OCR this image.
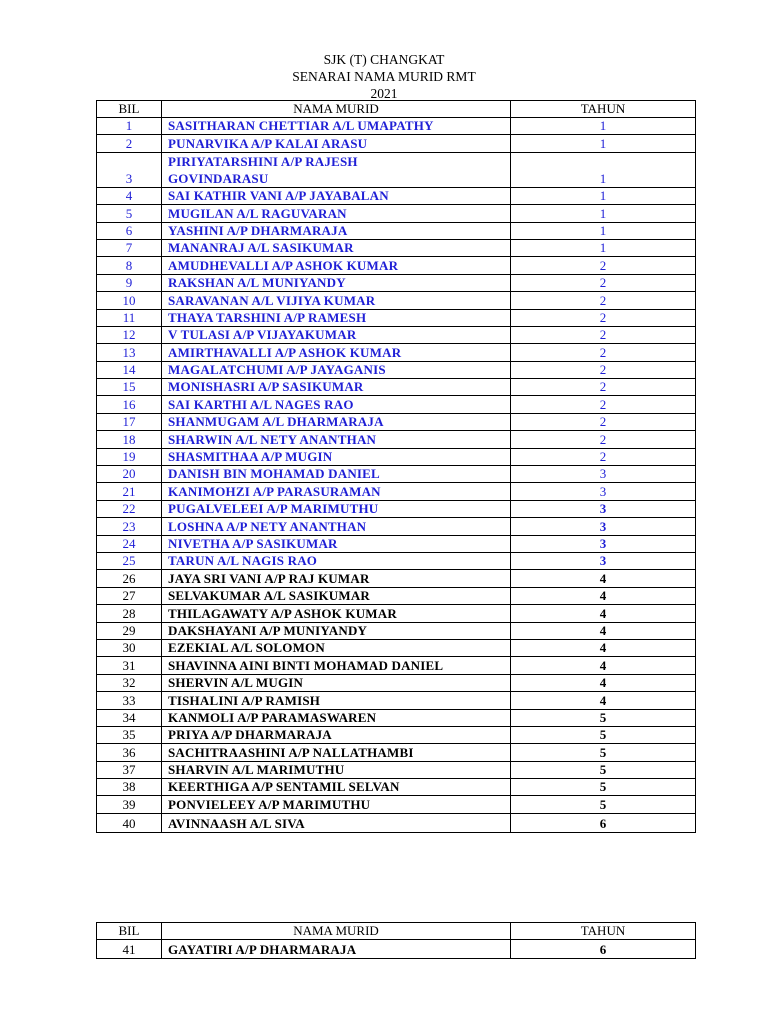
SJK (T) CHANGKAT
SENARAI NAMA MURID RMT
2021
BIL	NAMA MURID	TAHUN
1	SASITHARAN CHETTIAR A/L UMAPATHY	1
2	PUNARVIKA A/P KALAI ARASU	1
3	PIRIYATARSHINI A/P RAJESH
GOVINDARASU	1
4	SAI KATHIR VANI A/P JAYABALAN	1
5	MUGILAN A/L RAGUVARAN	1
6	YASHINI A/P DHARMARAJA	1
7	MANANRAJ A/L SASIKUMAR	1
8	AMUDHEVALLI A/P ASHOK KUMAR	2
9	RAKSHAN A/L MUNIYANDY	2
10	SARAVANAN A/L VIJIYA KUMAR	2
11	THAYA TARSHINI A/P RAMESH	2
12	V TULASI A/P VIJAYAKUMAR	2
13	AMIRTHAVALLI A/P ASHOK KUMAR	2
14	MAGALATCHUMI A/P JAYAGANIS	2
15	MONISHASRI A/P SASIKUMAR	2
16	SAI KARTHI A/L NAGES RAO	2
17	SHANMUGAM A/L DHARMARAJA	2
18	SHARWIN A/L NETY ANANTHAN	2
19	SHASMITHAA A/P MUGIN	2
20	DANISH BIN MOHAMAD DANIEL	3
21	KANIMOHZI A/P PARASURAMAN	3
22	PUGALVELEEI A/P MARIMUTHU	3
23	LOSHNA A/P NETY ANANTHAN	3
24	NIVETHA A/P SASIKUMAR	3
25	TARUN A/L NAGIS RAO	3
26	JAYA SRI VANI A/P RAJ KUMAR	4
27	SELVAKUMAR A/L SASIKUMAR	4
28	THILAGAWATY A/P ASHOK KUMAR	4
29	DAKSHAYANI A/P MUNIYANDY	4
30	EZEKIAL A/L SOLOMON	4
31	SHAVINNA AINI BINTI MOHAMAD DANIEL	4
32	SHERVIN A/L MUGIN	4
33	TISHALINI A/P RAMISH	4
34	KANMOLI A/P PARAMASWAREN	5
35	PRIYA A/P DHARMARAJA	5
36	SACHITRAASHINI A/P NALLATHAMBI	5
37	SHARVIN A/L MARIMUTHU	5
38	KEERTHIGA A/P SENTAMIL SELVAN	5
39	PONVIELEEY A/P MARIMUTHU	5
40	AVINNAASH A/L SIVA	6
BIL	NAMA MURID	TAHUN
41	GAYATIRI A/P DHARMARAJA	6
